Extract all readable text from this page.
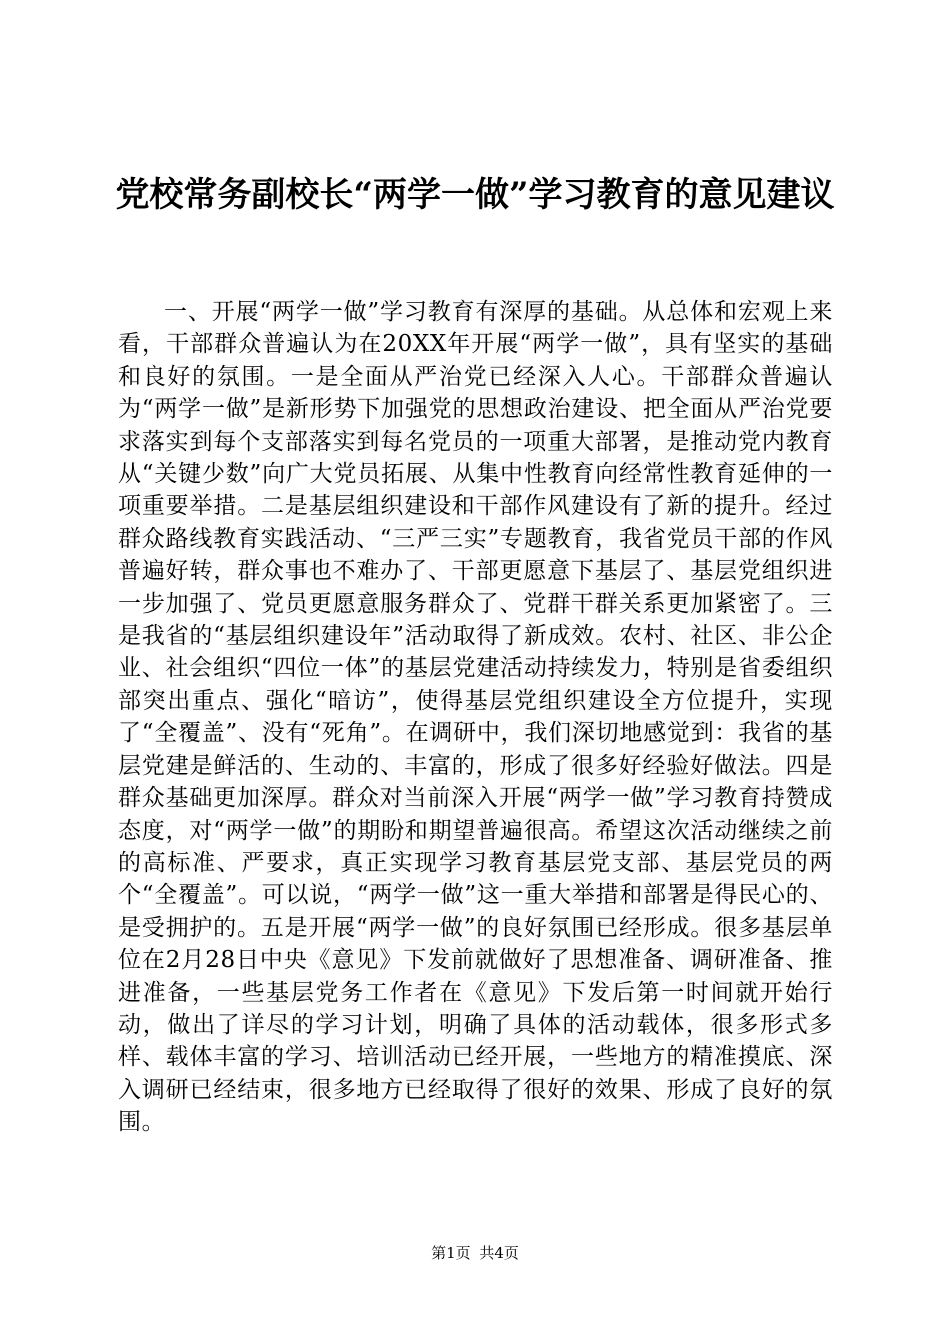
党校常务副校长“两学一做”学习教育的意见建议

一、开展“两学一做”学习教育有深厚的基础。从总体和宏观上来看，干部群众普遍认为在20XX年开展“两学一做”，具有坚实的基础和良好的氛围。一是全面从严治党已经深入人心。干部群众普遍认为“两学一做”是新形势下加强党的思想政治建设、把全面从严治党要求落实到每个支部落实到每名党员的一项重大部署，是推动党内教育从“关键少数”向广大党员拓展、从集中性教育向经常性教育延伸的一项重要举措。二是基层组织建设和干部作风建设有了新的提升。经过群众路线教育实践活动、“三严三实”专题教育，我省党员干部的作风普遍好转，群众事也不难办了、干部更愿意下基层了、基层党组织进一步加强了、党员更愿意服务群众了、党群干群关系更加紧密了。三是我省的“基层组织建设年”活动取得了新成效。农村、社区、非公企业、社会组织“四位一体”的基层党建活动持续发力，特别是省委组织部突出重点、强化“暗访”，使得基层党组织建设全方位提升，实现了“全覆盖”、没有“死角”。在调研中，我们深切地感觉到：我省的基层党建是鲜活的、生动的、丰富的，形成了很多好经验好做法。四是群众基础更加深厚。群众对当前深入开展“两学一做”学习教育持赞成态度，对“两学一做”的期盼和期望普遍很高。希望这次活动继续之前的高标准、严要求，真正实现学习教育基层党支部、基层党员的两个“全覆盖”。可以说，“两学一做”这一重大举措和部署是得民心的、是受拥护的。五是开展“两学一做”的良好氛围已经形成。很多基层单位在2月28日中央《意见》下发前就做好了思想准备、调研准备、推进准备，一些基层党务工作者在《意见》下发后第一时间就开始行动，做出了详尽的学习计划，明确了具体的活动载体，很多形式多样、载体丰富的学习、培训活动已经开展，一些地方的精准摸底、深入调研已经结束，很多地方已经取得了很好的效果、形成了良好的氛围。

第1页 共4页
